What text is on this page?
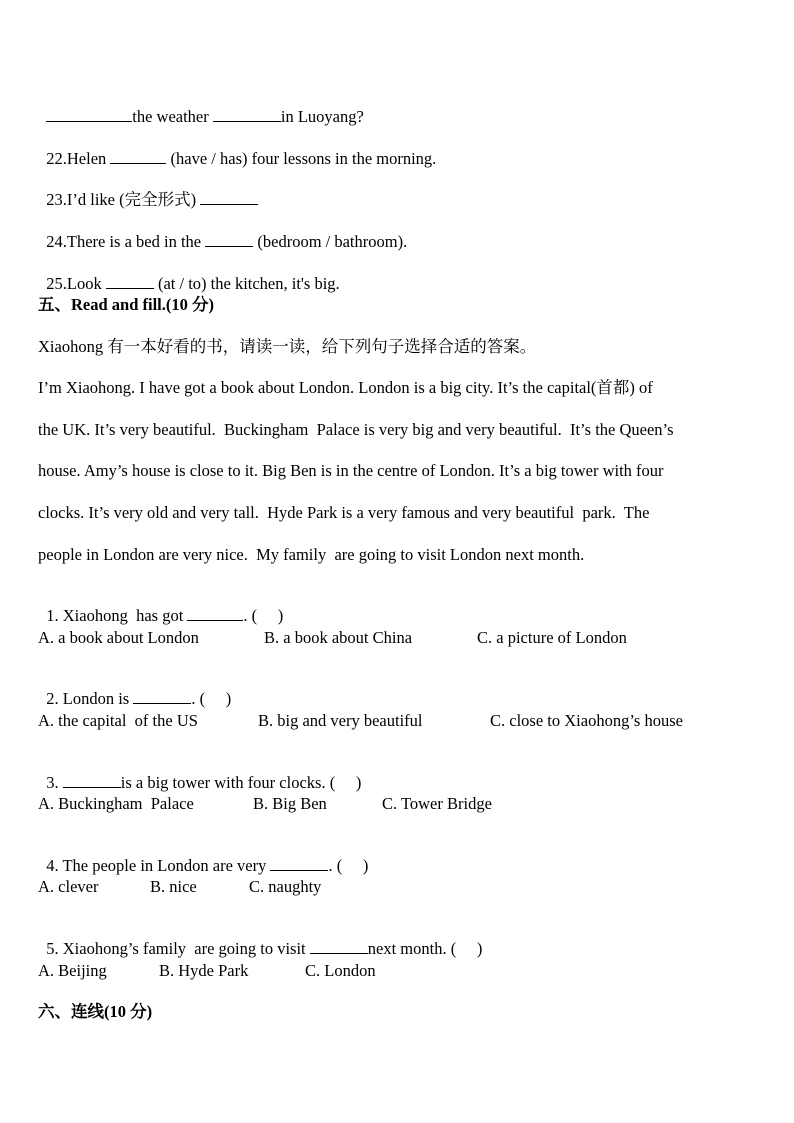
the weather	in Luoyang?

22.Helen	(have / has) four lessons in the morning.

23.I’d like (完全形式)

24.There is a bed in the	(bedroom / bathroom).

25.Look	(at / to) the kitchen, it's big.

五、Read and fill.(10 分)
Xiaohong 有一本好看的书，请读一读，给下列句子选择合适的答案。
I’m Xiaohong. I have got a book about London. London is a big city. It’s the capital(首都) of
the UK. It’s very beautiful.  Buckingham  Palace is very big and very beautiful.  It’s the Queen’s
house. Amy’s house is close to it. Big Ben is in the centre of London. It’s a big tower with four
clocks. It’s very old and very tall.  Hyde Park is a very famous and very beautiful  park.  The
people in London are very nice.  My family  are going to visit London next month.

1. Xiaohong  has got	. (     )

A. a book about London	B. a book about China	C. a picture of London

2. London is	. (     )

A. the capital  of the US	B. big and very beautiful	C. close to Xiaohong’s house

3.	is a big tower with four clocks. (     )

A. Buckingham  Palace	B. Big Ben	C. Tower Bridge

4. The people in London are very	. (     )

A. clever	B. nice	C. naughty

5. Xiaohong’s family  are going to visit	next month. (     )

A. Beijing	B. Hyde Park	C. London
六、连线(10 分)
